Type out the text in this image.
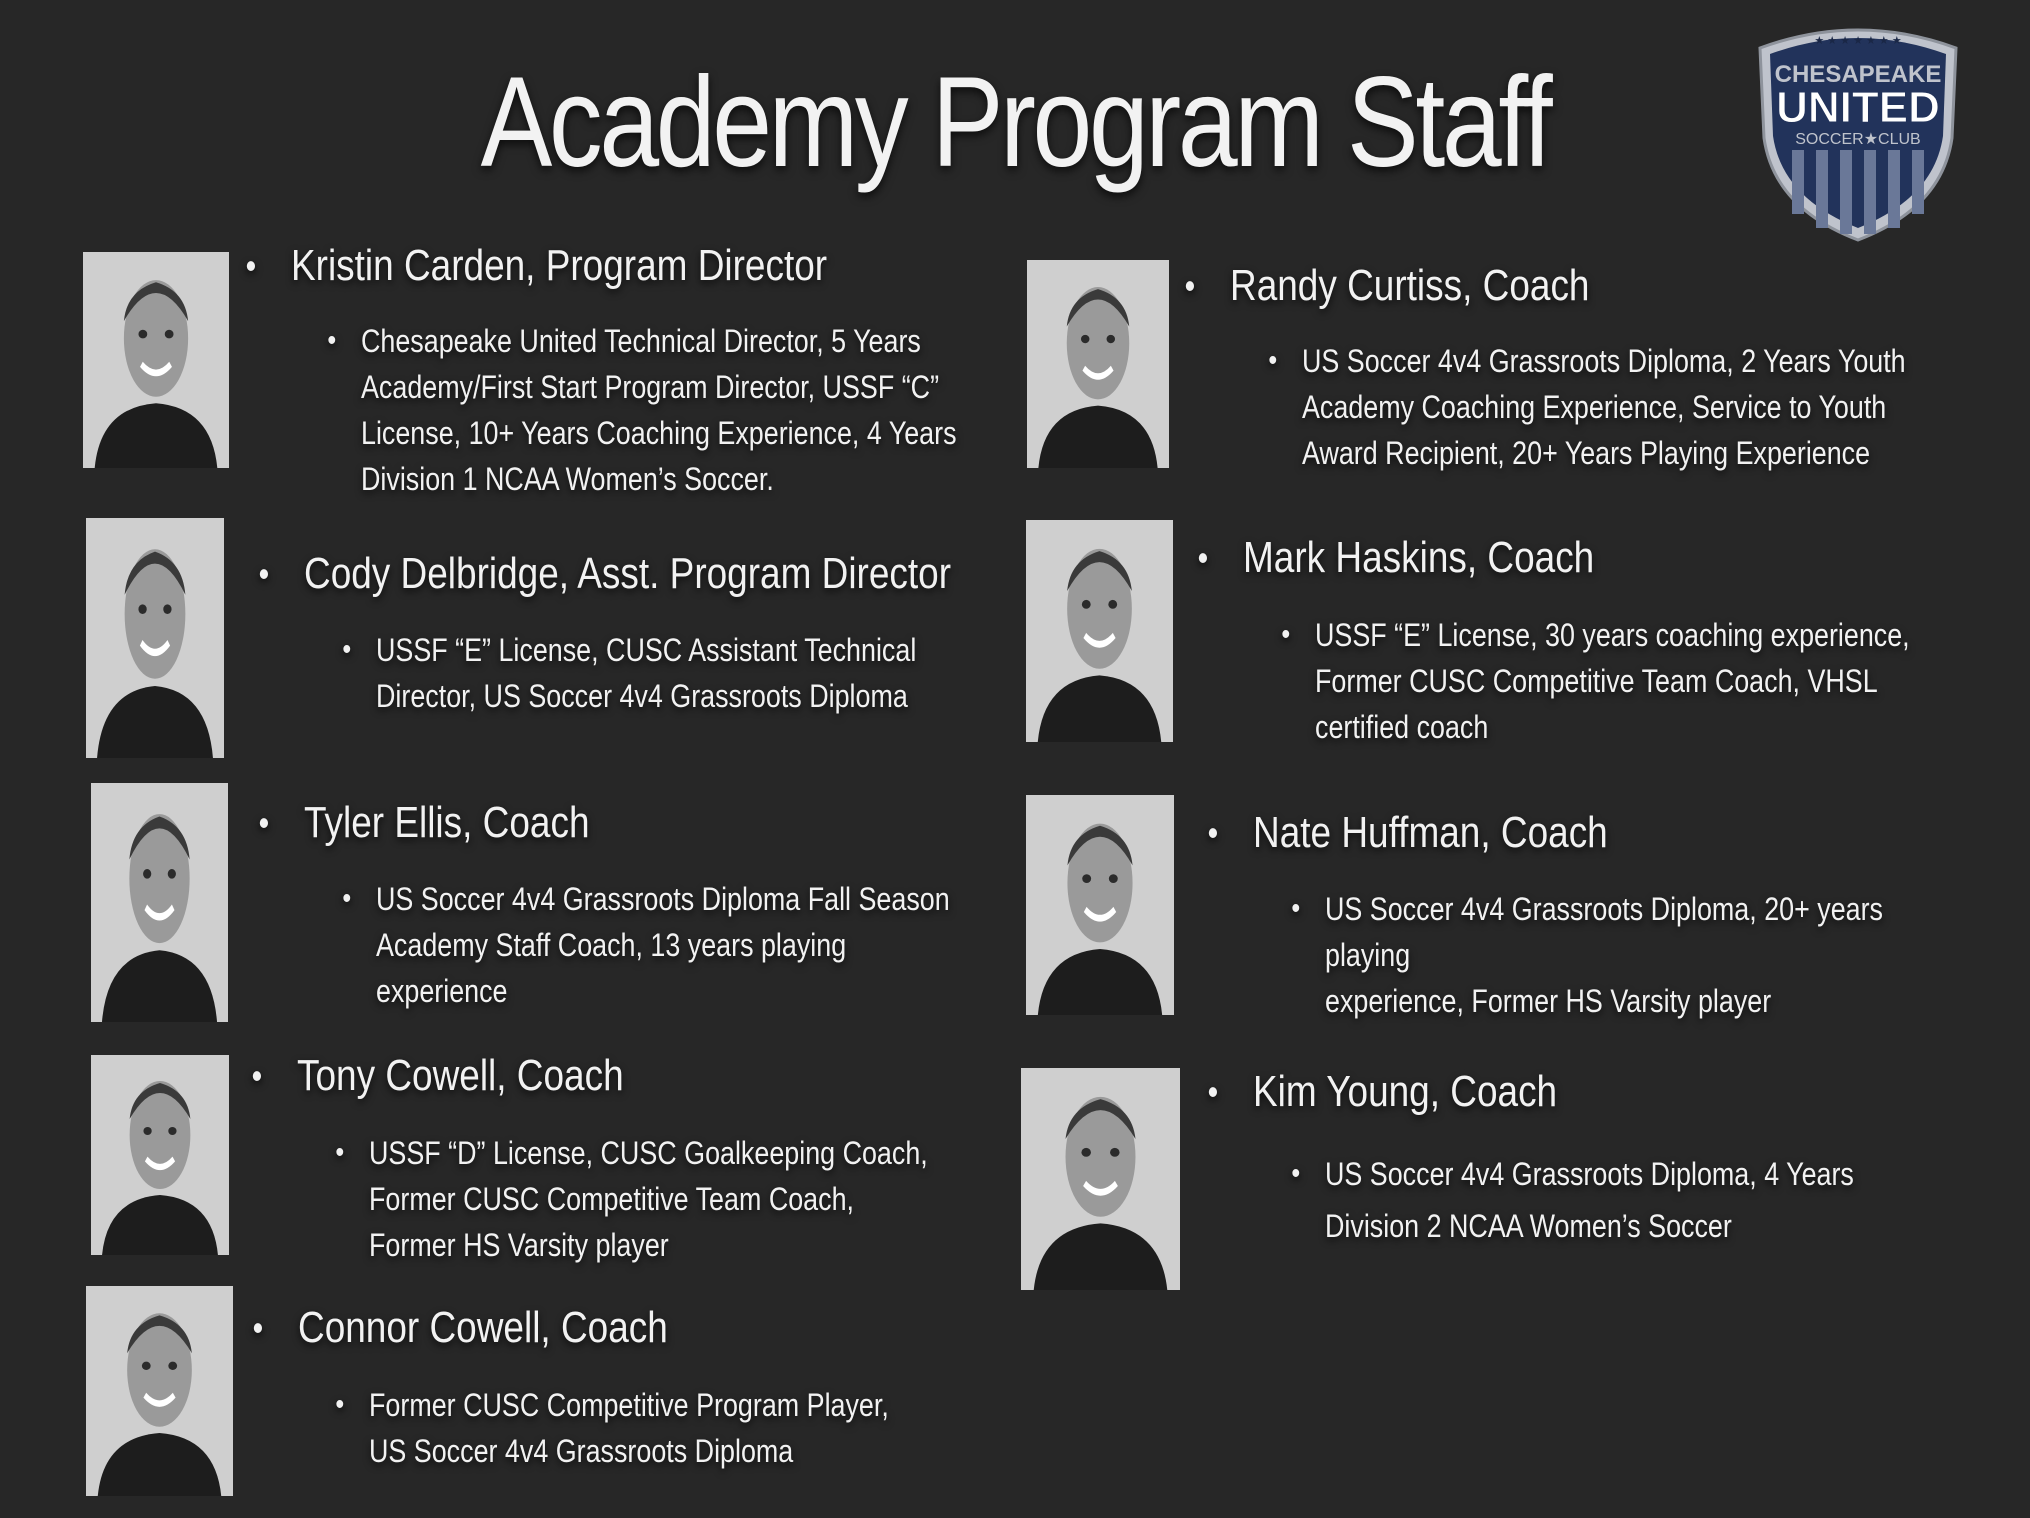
Academy Program Staff
★ ★ ★ ★ ★ ★ ★
CHESAPEAKE
UNITED
SOCCER★CLUB
• Kristin Carden, Program Director
• Chesapeake United Technical Director, 5 Years
Academy/First Start Program Director, USSF “C”
License, 10+ Years Coaching Experience, 4 Years
Division 1 NCAA Women’s Soccer.
• Cody Delbridge, Asst. Program Director
• USSF “E” License, CUSC Assistant Technical
Director, US Soccer 4v4 Grassroots Diploma
• Tyler Ellis, Coach
• US Soccer 4v4 Grassroots Diploma Fall Season
Academy Staff Coach, 13 years playing
experience
• Tony Cowell, Coach
• USSF “D” License, CUSC Goalkeeping Coach,
Former CUSC Competitive Team Coach,
Former HS Varsity player
• Connor Cowell, Coach
• Former CUSC Competitive Program Player,
US Soccer 4v4 Grassroots Diploma
• Randy Curtiss, Coach
• US Soccer 4v4 Grassroots Diploma, 2 Years Youth
Academy Coaching Experience, Service to Youth
Award Recipient, 20+ Years Playing Experience
• Mark Haskins, Coach
• USSF “E” License, 30 years coaching experience,
Former CUSC Competitive Team Coach, VHSL
certified coach
• Nate Huffman, Coach
• US Soccer 4v4 Grassroots Diploma, 20+ years playing
experience, Former HS Varsity player
• Kim Young, Coach
• US Soccer 4v4 Grassroots Diploma, 4 Years
Division 2 NCAA Women’s Soccer
